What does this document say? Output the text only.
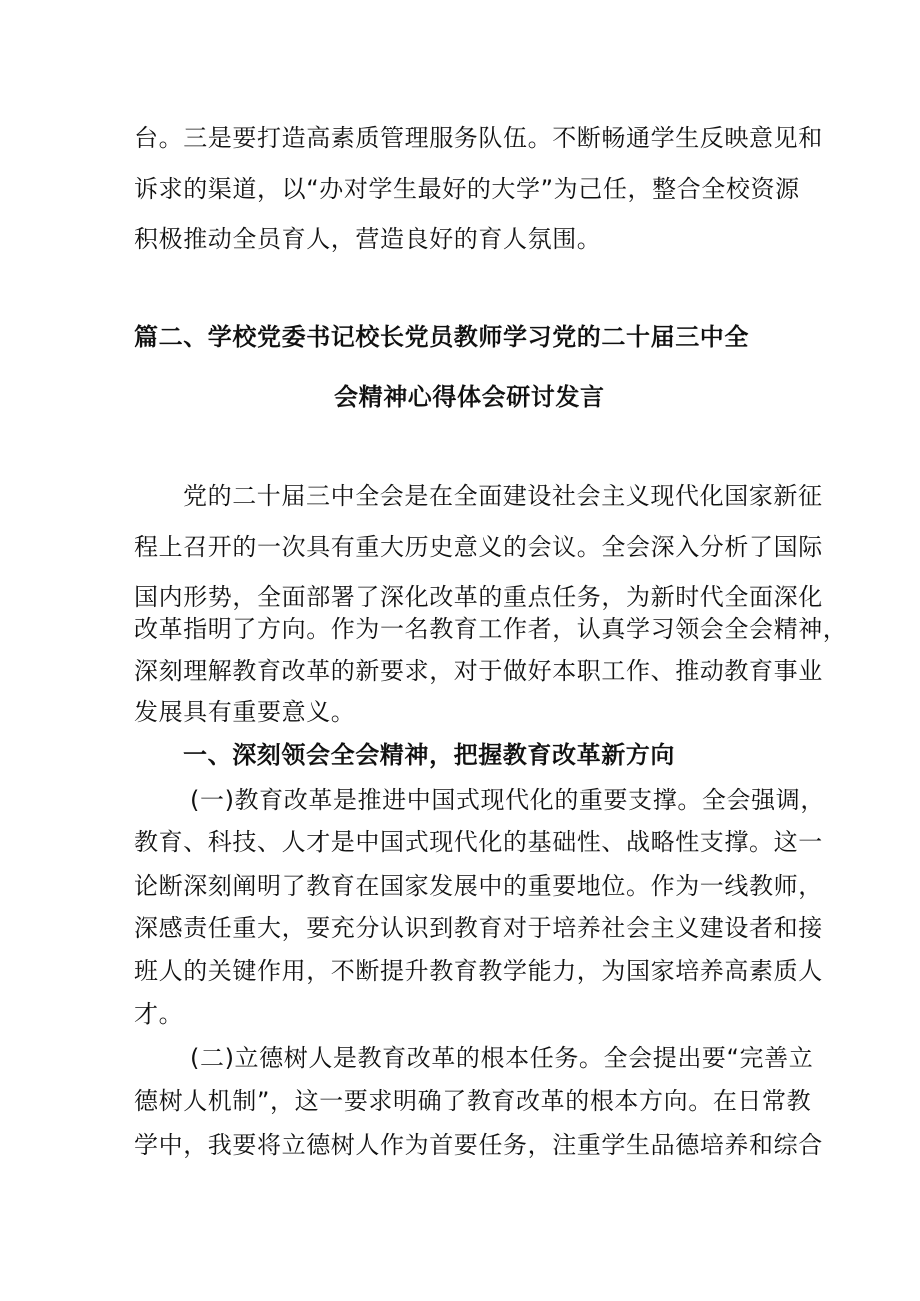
台。三是要打造高素质管理服务队伍。不断畅通学生反映意见和
诉求的渠道，以“办对学生最好的大学”为己任，整合全校资源
积极推动全员育人，营造良好的育人氛围。
篇二、学校党委书记校长党员教师学习党的二十届三中全
会精神心得体会研讨发言
党的二十届三中全会是在全面建设社会主义现代化国家新征
程上召开的一次具有重大历史意义的会议。全会深入分析了国际
国内形势，全面部署了深化改革的重点任务，为新时代全面深化
改革指明了方向。作为一名教育工作者，认真学习领会全会精神，
深刻理解教育改革的新要求，对于做好本职工作、推动教育事业
发展具有重要意义。
一、深刻领会全会精神，把握教育改革新方向
(一)教育改革是推进中国式现代化的重要支撑。全会强调，
教育、科技、人才是中国式现代化的基础性、战略性支撑。这一
论断深刻阐明了教育在国家发展中的重要地位。作为一线教师，
深感责任重大，要充分认识到教育对于培养社会主义建设者和接
班人的关键作用，不断提升教育教学能力，为国家培养高素质人
才。
(二)立德树人是教育改革的根本任务。全会提出要“完善立
德树人机制”，这一要求明确了教育改革的根本方向。在日常教
学中，我要将立德树人作为首要任务，注重学生品德培养和综合
